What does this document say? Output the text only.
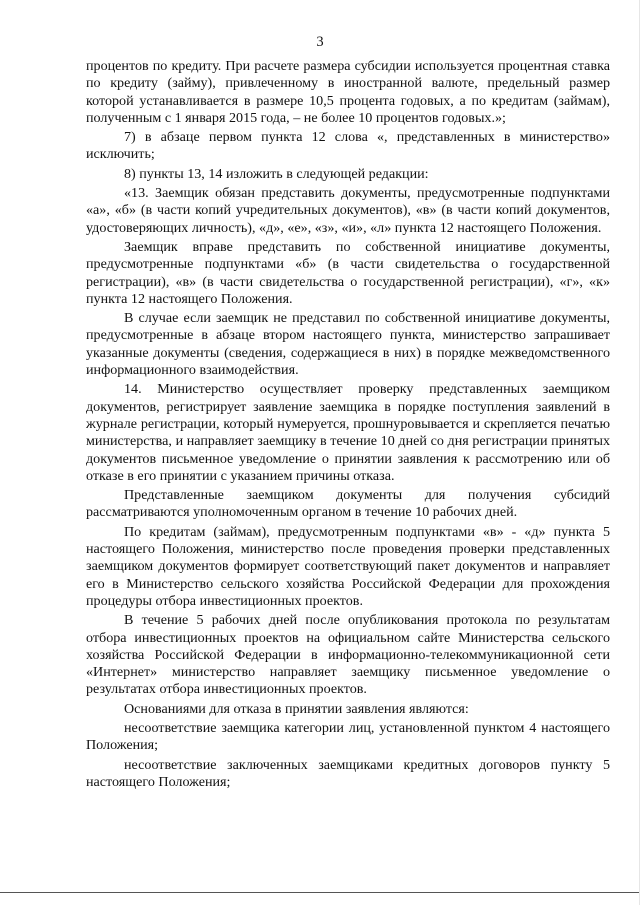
3

процентов по кредиту. При расчете размера субсидии используется процентная ставка по кредиту (займу), привлеченному в иностранной валюте, предельный размер которой устанавливается в размере 10,5 процента годовых, а по кредитам (займам), полученным с 1 января 2015 года, – не более 10 процентов годовых.»;

7) в абзаце первом пункта 12 слова «, представленных в министерство» исключить;

8) пункты 13, 14 изложить в следующей редакции:

«13. Заемщик обязан представить документы, предусмотренные подпунктами «а», «б» (в части копий учредительных документов), «в» (в части копий документов, удостоверяющих личность), «д», «е», «з», «и», «л» пункта 12 настоящего Положения.

Заемщик вправе представить по собственной инициативе документы, предусмотренные подпунктами «б» (в части свидетельства о государственной регистрации), «в» (в части свидетельства о государственной регистрации), «г», «к» пункта 12 настоящего Положения.

В случае если заемщик не представил по собственной инициативе документы, предусмотренные в абзаце втором настоящего пункта, министерство запрашивает указанные документы (сведения, содержащиеся в них) в порядке межведомственного информационного взаимодействия.

14. Министерство осуществляет проверку представленных заемщиком документов, регистрирует заявление заемщика в порядке поступления заявлений в журнале регистрации, который нумеруется, прошнуровывается и скрепляется печатью министерства, и направляет заемщику в течение 10 дней со дня регистрации принятых документов письменное уведомление о принятии заявления к рассмотрению или об отказе в его принятии с указанием причины отказа.

Представленные заемщиком документы для получения субсидий рассматриваются уполномоченным органом в течение 10 рабочих дней.

По кредитам (займам), предусмотренным подпунктами «в» - «д» пункта 5 настоящего Положения, министерство после проведения проверки представленных заемщиком документов формирует соответствующий пакет документов и направляет его в Министерство сельского хозяйства Российской Федерации для прохождения процедуры отбора инвестиционных проектов.

В течение 5 рабочих дней после опубликования протокола по результатам отбора инвестиционных проектов на официальном сайте Министерства сельского хозяйства Российской Федерации в информационно-телекоммуникационной сети «Интернет» министерство направляет заемщику письменное уведомление о результатах отбора инвестиционных проектов.

Основаниями для отказа в принятии заявления являются:

несоответствие заемщика категории лиц, установленной пунктом 4 настоящего Положения;

несоответствие заключенных заемщиками кредитных договоров пункту 5 настоящего Положения;
